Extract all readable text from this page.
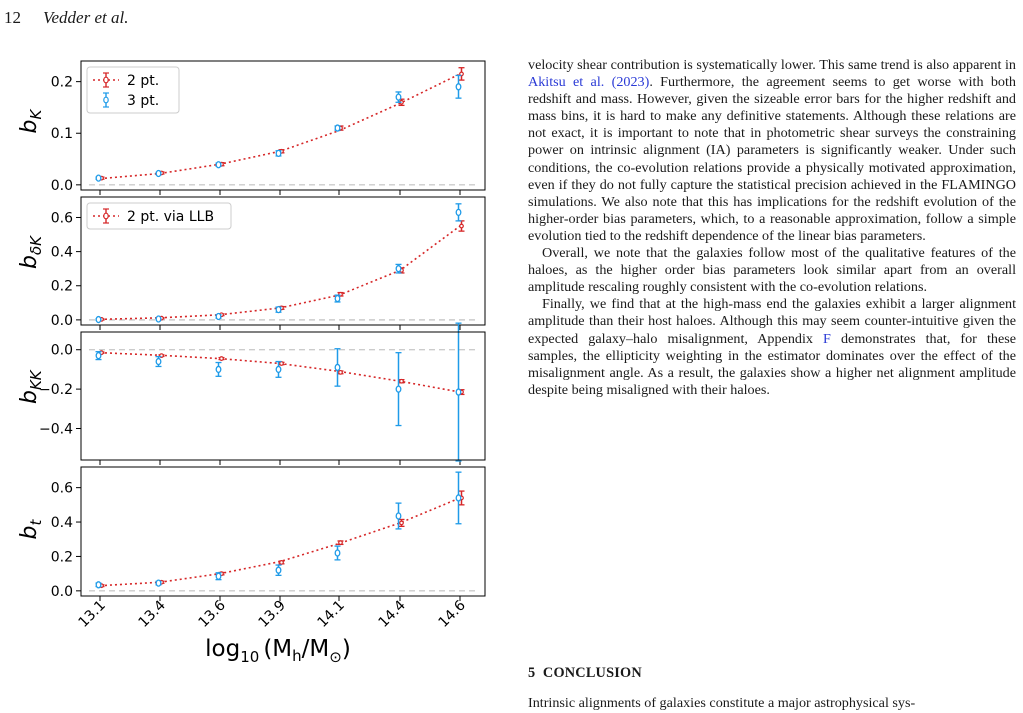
12 Vedder et al.
0.2
0.1
0.0
$b_K$
2 pt.
3 pt.
0.6
0.4
0.2
0.0
$b_{\delta K}$
2 pt. via LLB
0.0
−0.2
−0.4
$b_{KK}$
0.6
0.4
0.2
0.0
$b_t$
13.1 13.4 13.6 13.9 14.1 14.4 14.6
$\log_{10} (M_h/M_⊙)$

velocity shear contribution is systematically lower. This same trend is also apparent in Akitsu et al. (2023). Furthermore, the agreement seems to get worse with both redshift and mass. However, given the sizeable error bars for the higher redshift and mass bins, it is hard to make any definitive statements. Although these relations are not exact, it is important to note that in photometric shear surveys the constraining power on intrinsic alignment (IA) parameters is significantly weaker. Under such conditions, the co-evolution relations provide a physically motivated approximation, even if they do not fully capture the statistical precision achieved in the FLAMINGO simulations. We also note that this has implications for the redshift evolution of the higher-order bias parameters, which, to a reasonable approximation, follow a simple evolution tied to the redshift dependence of the linear bias parameters.

Overall, we note that the galaxies follow most of the qualitative features of the haloes, as the higher order bias parameters look similar apart from an overall amplitude rescaling roughly consistent with the co-evolution relations.

Finally, we find that at the high-mass end the galaxies exhibit a larger alignment amplitude than their host haloes. Although this may seem counter-intuitive given the expected galaxy–halo misalignment, Appendix F demonstrates that, for these samples, the ellipticity weighting in the estimator dominates over the effect of the misalignment angle. As a result, the galaxies show a higher net alignment amplitude despite being misaligned with their haloes.

5 CONCLUSION
Intrinsic alignments of galaxies constitute a major astrophysical sys-
